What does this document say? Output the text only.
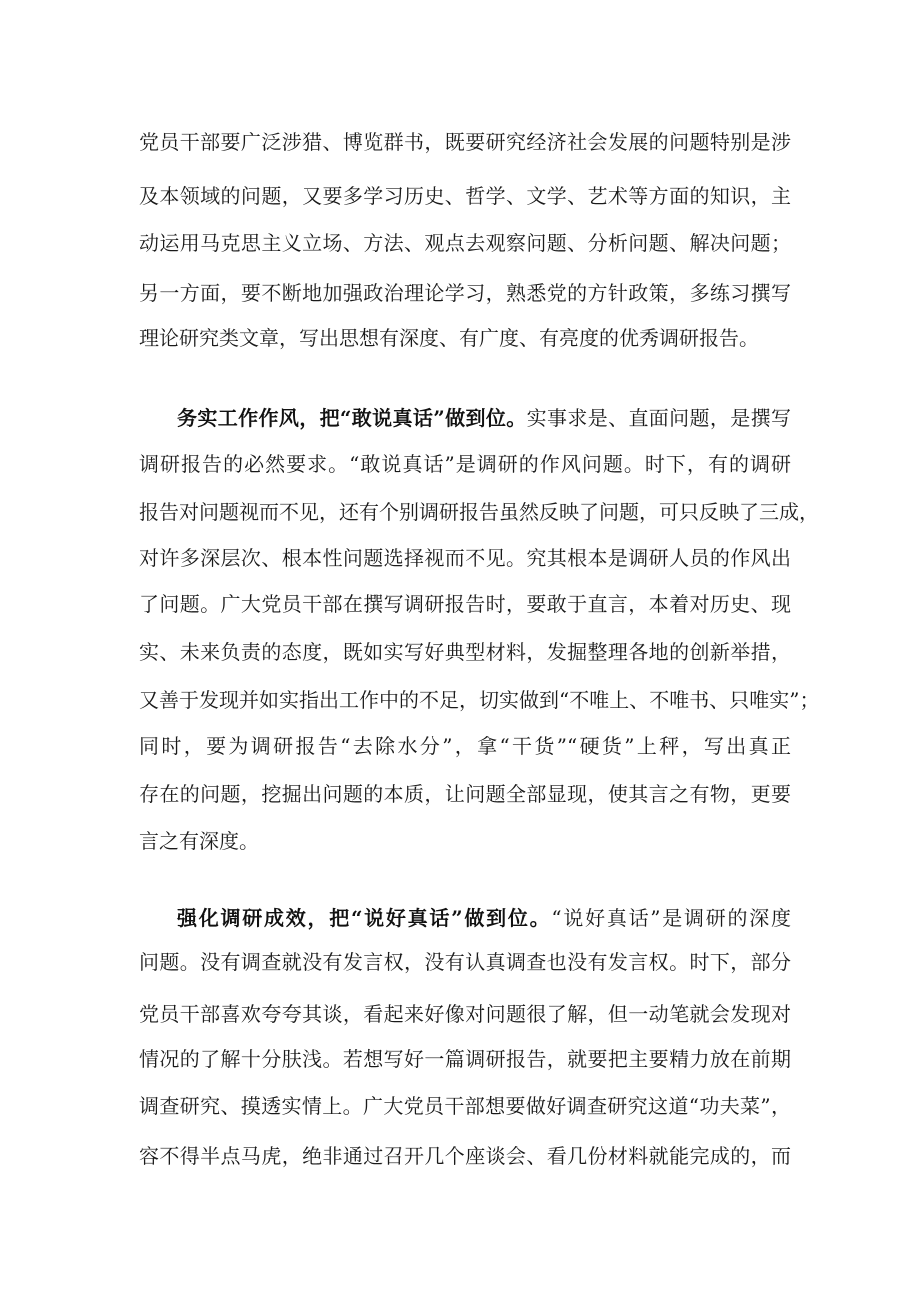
党员干部要广泛涉猎、博览群书，既要研究经济社会发展的问题特别是涉
及本领域的问题，又要多学习历史、哲学、文学、艺术等方面的知识，主
动运用马克思主义立场、方法、观点去观察问题、分析问题、解决问题；
另一方面，要不断地加强政治理论学习，熟悉党的方针政策，多练习撰写
理论研究类文章，写出思想有深度、有广度、有亮度的优秀调研报告。
务实工作作风，把“敢说真话”做到位。实事求是、直面问题，是撰写
调研报告的必然要求。“敢说真话”是调研的作风问题。时下，有的调研
报告对问题视而不见，还有个别调研报告虽然反映了问题，可只反映了三成，
对许多深层次、根本性问题选择视而不见。究其根本是调研人员的作风出
了问题。广大党员干部在撰写调研报告时，要敢于直言，本着对历史、现
实、未来负责的态度，既如实写好典型材料，发掘整理各地的创新举措，
又善于发现并如实指出工作中的不足，切实做到“不唯上、不唯书、只唯实”；
同时，要为调研报告“去除水分”，拿“干货”“硬货”上秤，写出真正
存在的问题，挖掘出问题的本质，让问题全部显现，使其言之有物，更要
言之有深度。
强化调研成效，把“说好真话”做到位。“说好真话”是调研的深度
问题。没有调查就没有发言权，没有认真调查也没有发言权。时下，部分
党员干部喜欢夸夸其谈，看起来好像对问题很了解，但一动笔就会发现对
情况的了解十分肤浅。若想写好一篇调研报告，就要把主要精力放在前期
调查研究、摸透实情上。广大党员干部想要做好调查研究这道“功夫菜”，
容不得半点马虎，绝非通过召开几个座谈会、看几份材料就能完成的，而
